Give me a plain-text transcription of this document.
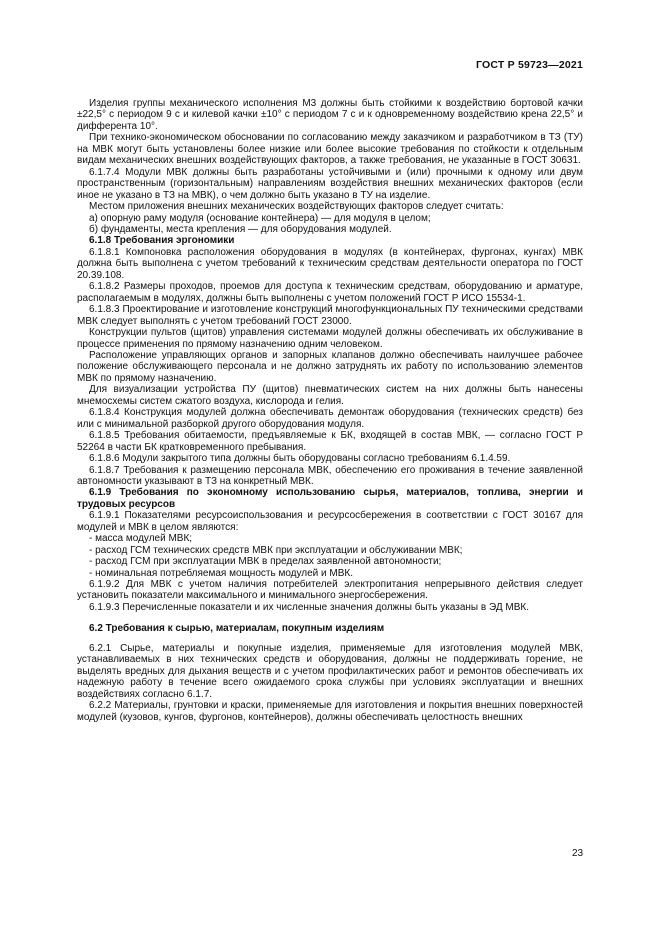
ГОСТ Р 59723—2021

Изделия группы механического исполнения М3 должны быть стойкими к воздействию бортовой качки ±22,5° с периодом 9 с и килевой качки ±10° с периодом 7 с и к одновременному воздействию крена 22,5° и дифферента 10°.

При технико-экономическом обосновании по согласованию между заказчиком и разработчиком в ТЗ (ТУ) на МВК могут быть установлены более низкие или более высокие требования по стойкости к отдельным видам механических внешних воздействующих факторов, а также требования, не указанные в ГОСТ 30631.

6.1.7.4 Модули МВК должны быть разработаны устойчивыми и (или) прочными к одному или двум пространственным (горизонтальным) направлениям воздействия внешних механических факторов (если иное не указано в ТЗ на МВК), о чем должно быть указано в ТУ на изделие.

Местом приложения внешних механических воздействующих факторов следует считать:

а) опорную раму модуля (основание контейнера) — для модуля в целом;

б) фундаменты, места крепления — для оборудования модулей.

6.1.8 Требования эргономики

6.1.8.1 Компоновка расположения оборудования в модулях (в контейнерах, фургонах, кунгах) МВК должна быть выполнена с учетом требований к техническим средствам деятельности оператора по ГОСТ 20.39.108.

6.1.8.2 Размеры проходов, проемов для доступа к техническим средствам, оборудованию и арматуре, располагаемым в модулях, должны быть выполнены с учетом положений ГОСТ Р ИСО 15534-1.

6.1.8.3 Проектирование и изготовление конструкций многофункциональных ПУ техническими средствами МВК следует выполнять с учетом требований ГОСТ 23000.

Конструкции пультов (щитов) управления системами модулей должны обеспечивать их обслуживание в процессе применения по прямому назначению одним человеком.

Расположение управляющих органов и запорных клапанов должно обеспечивать наилучшее рабочее положение обслуживающего персонала и не должно затруднять их работу по использованию элементов МВК по прямому назначению.

Для визуализации устройства ПУ (щитов) пневматических систем на них должны быть нанесены мнемосхемы систем сжатого воздуха, кислорода и гелия.

6.1.8.4 Конструкция модулей должна обеспечивать демонтаж оборудования (технических средств) без или с минимальной разборкой другого оборудования модуля.

6.1.8.5 Требования обитаемости, предъявляемые к БК, входящей в состав МВК, — согласно ГОСТ Р 52264 в части БК кратковременного пребывания.

6.1.8.6 Модули закрытого типа должны быть оборудованы согласно требованиям 6.1.4.59.

6.1.8.7 Требования к размещению персонала МВК, обеспечению его проживания в течение заявленной автономности указывают в ТЗ на конкретный МВК.

6.1.9 Требования по экономному использованию сырья, материалов, топлива, энергии и трудовых ресурсов

6.1.9.1 Показателями ресурсоиспользования и ресурсосбережения в соответствии с ГОСТ 30167 для модулей и МВК в целом являются:

- масса модулей МВК;

- расход ГСМ технических средств МВК при эксплуатации и обслуживании МВК;

- расход ГСМ при эксплуатации МВК в пределах заявленной автономности;

- номинальная потребляемая мощность модулей и МВК.

6.1.9.2 Для МВК с учетом наличия потребителей электропитания непрерывного действия следует установить показатели максимального и минимального энергосбережения.

6.1.9.3 Перечисленные показатели и их численные значения должны быть указаны в ЭД МВК.

6.2 Требования к сырью, материалам, покупным изделиям

6.2.1 Сырье, материалы и покупные изделия, применяемые для изготовления модулей МВК, устанавливаемых в них технических средств и оборудования, должны не поддерживать горение, не выделять вредных для дыхания веществ и с учетом профилактических работ и ремонтов обеспечивать их надежную работу в течение всего ожидаемого срока службы при условиях эксплуатации и внешних воздействиях согласно 6.1.7.

6.2.2 Материалы, грунтовки и краски, применяемые для изготовления и покрытия внешних поверхностей модулей (кузовов, кунгов, фургонов, контейнеров), должны обеспечивать целостность внешних

23
